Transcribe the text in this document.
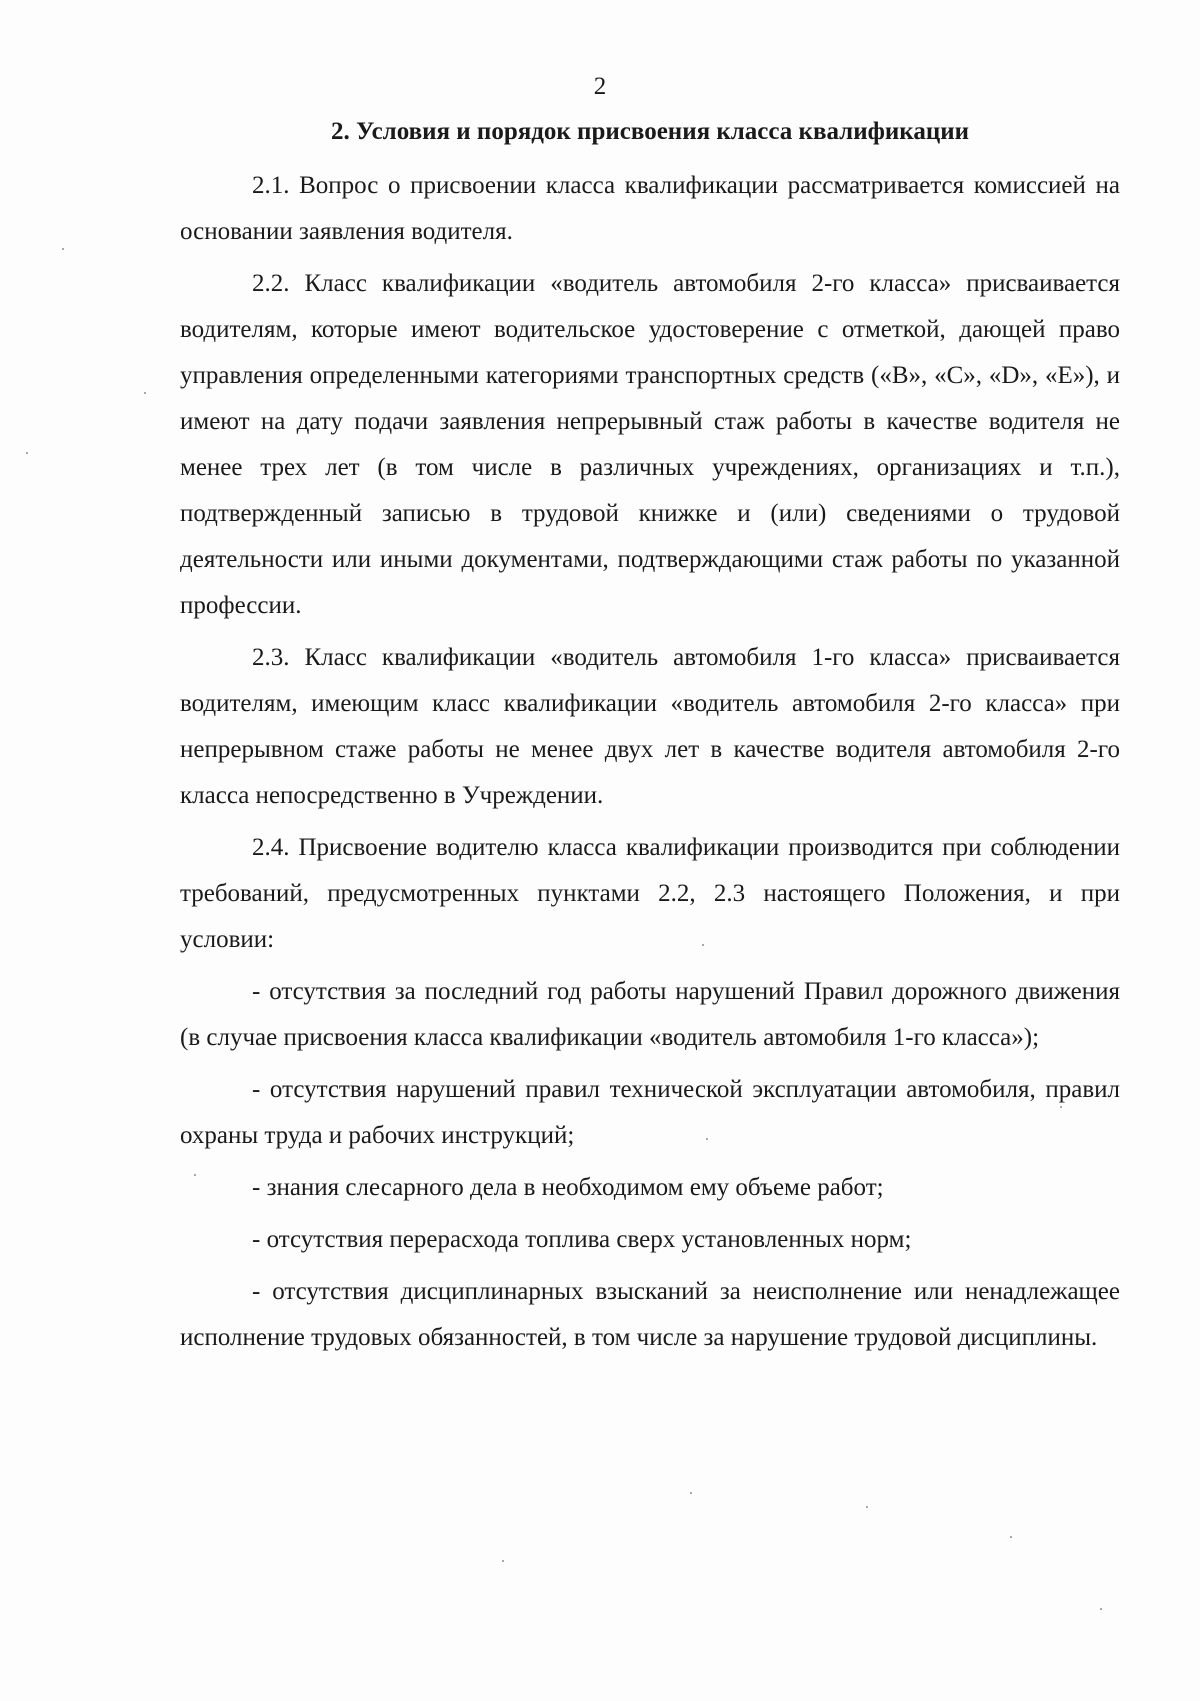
2
2. Условия и порядок присвоения класса квалификации

2.1. Вопрос о присвоении класса квалификации рассматривается комиссией на основании заявления водителя.

2.2. Класс квалификации «водитель автомобиля 2-го класса» присваивается водителям, которые имеют водительское удостоверение с отметкой, дающей право управления определенными категориями транспортных средств («В», «С», «D», «Е»), и имеют на дату подачи заявления непрерывный стаж работы в качестве водителя не менее трех лет (в том числе в различных учреждениях, организациях и т.п.), подтвержденный записью в трудовой книжке и (или) сведениями о трудовой деятельности или иными документами, подтверждающими стаж работы по указанной профессии.

2.3. Класс квалификации «водитель автомобиля 1-го класса» присваивается водителям, имеющим класс квалификации «водитель автомобиля 2-го класса» при непрерывном стаже работы не менее двух лет в качестве водителя автомобиля 2-го класса непосредственно в Учреждении.

2.4. Присвоение водителю класса квалификации производится при соблюдении требований, предусмотренных пунктами 2.2, 2.3 настоящего Положения, и при условии:

- отсутствия за последний год работы нарушений Правил дорожного движения (в случае присвоения класса квалификации «водитель автомобиля 1-го класса»);

- отсутствия нарушений правил технической эксплуатации автомобиля, правил охраны труда и рабочих инструкций;

- знания слесарного дела в необходимом ему объеме работ;

- отсутствия перерасхода топлива сверх установленных норм;

- отсутствия дисциплинарных взысканий за неисполнение или ненадлежащее исполнение трудовых обязанностей, в том числе за нарушение трудовой дисциплины.
